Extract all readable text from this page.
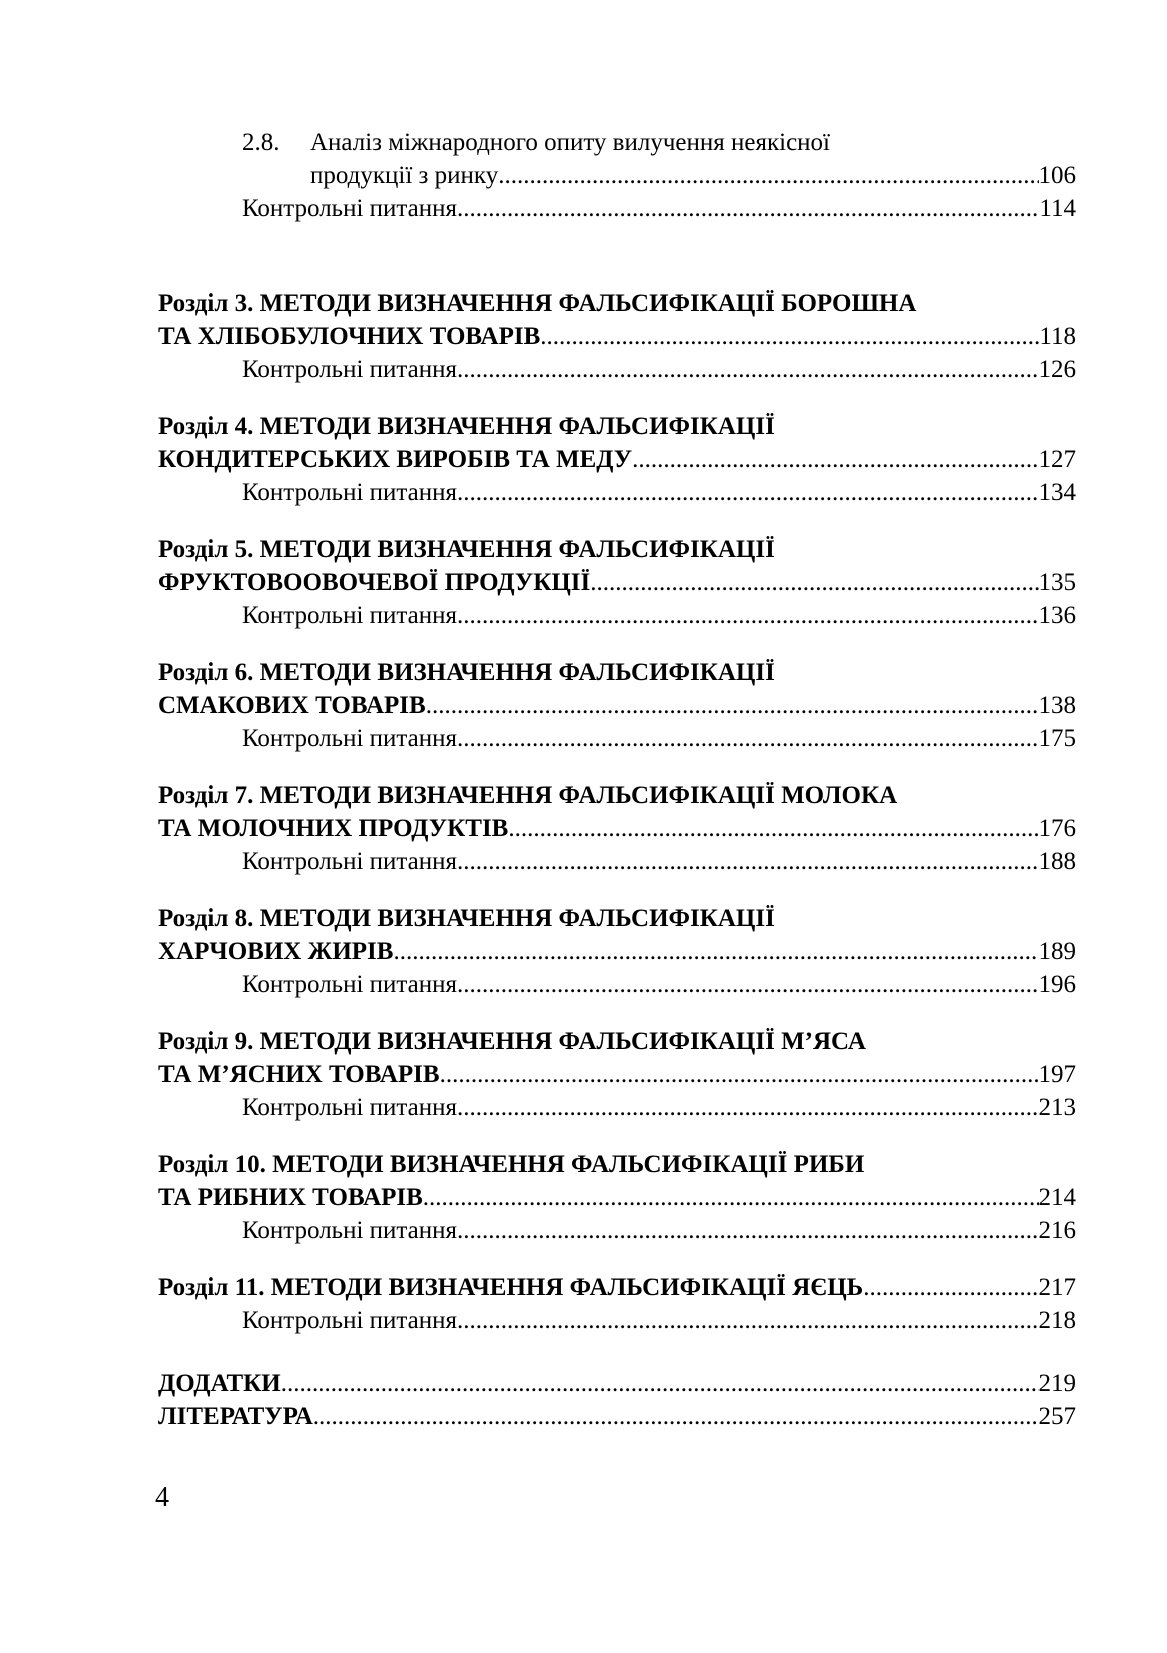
2.8. Аналіз міжнародного опиту вилучення неякісної
продукції з ринку .....	106
Контрольні питання .....	114
Розділ 3. МЕТОДИ ВИЗНАЧЕННЯ ФАЛЬСИФІКАЦІЇ БОРОШНА
ТА ХЛІБОБУЛОЧНИХ ТОВАРІВ .....	118
Контрольні питання .....	126
Розділ 4. МЕТОДИ ВИЗНАЧЕННЯ ФАЛЬСИФІКАЦІЇ
КОНДИТЕРСЬКИХ ВИРОБІВ ТА МЕДУ .....	127
Контрольні питання .....	134
Розділ 5. МЕТОДИ ВИЗНАЧЕННЯ ФАЛЬСИФІКАЦІЇ
ФРУКТОВООВОЧЕВОЇ ПРОДУКЦІЇ .....	135
Контрольні питання .....	136
Розділ 6. МЕТОДИ ВИЗНАЧЕННЯ ФАЛЬСИФІКАЦІЇ
СМАКОВИХ ТОВАРІВ .....	138
Контрольні питання .....	175
Розділ 7. МЕТОДИ ВИЗНАЧЕННЯ ФАЛЬСИФІКАЦІЇ МОЛОКА
ТА МОЛОЧНИХ ПРОДУКТІВ .....	176
Контрольні питання .....	188
Розділ 8. МЕТОДИ ВИЗНАЧЕННЯ ФАЛЬСИФІКАЦІЇ
ХАРЧОВИХ ЖИРІВ .....	189
Контрольні питання .....	196
Розділ 9. МЕТОДИ ВИЗНАЧЕННЯ ФАЛЬСИФІКАЦІЇ М’ЯСА
ТА М’ЯСНИХ ТОВАРІВ .....	197
Контрольні питання .....	213
Розділ 10. МЕТОДИ ВИЗНАЧЕННЯ ФАЛЬСИФІКАЦІЇ РИБИ
ТА РИБНИХ ТОВАРІВ .....	214
Контрольні питання .....	216
Розділ 11. МЕТОДИ ВИЗНАЧЕННЯ ФАЛЬСИФІКАЦІЇ ЯЄЦЬ .....	217
Контрольні питання .....	218
ДОДАТКИ .....	219
ЛІТЕРАТУРА .....	257
4
